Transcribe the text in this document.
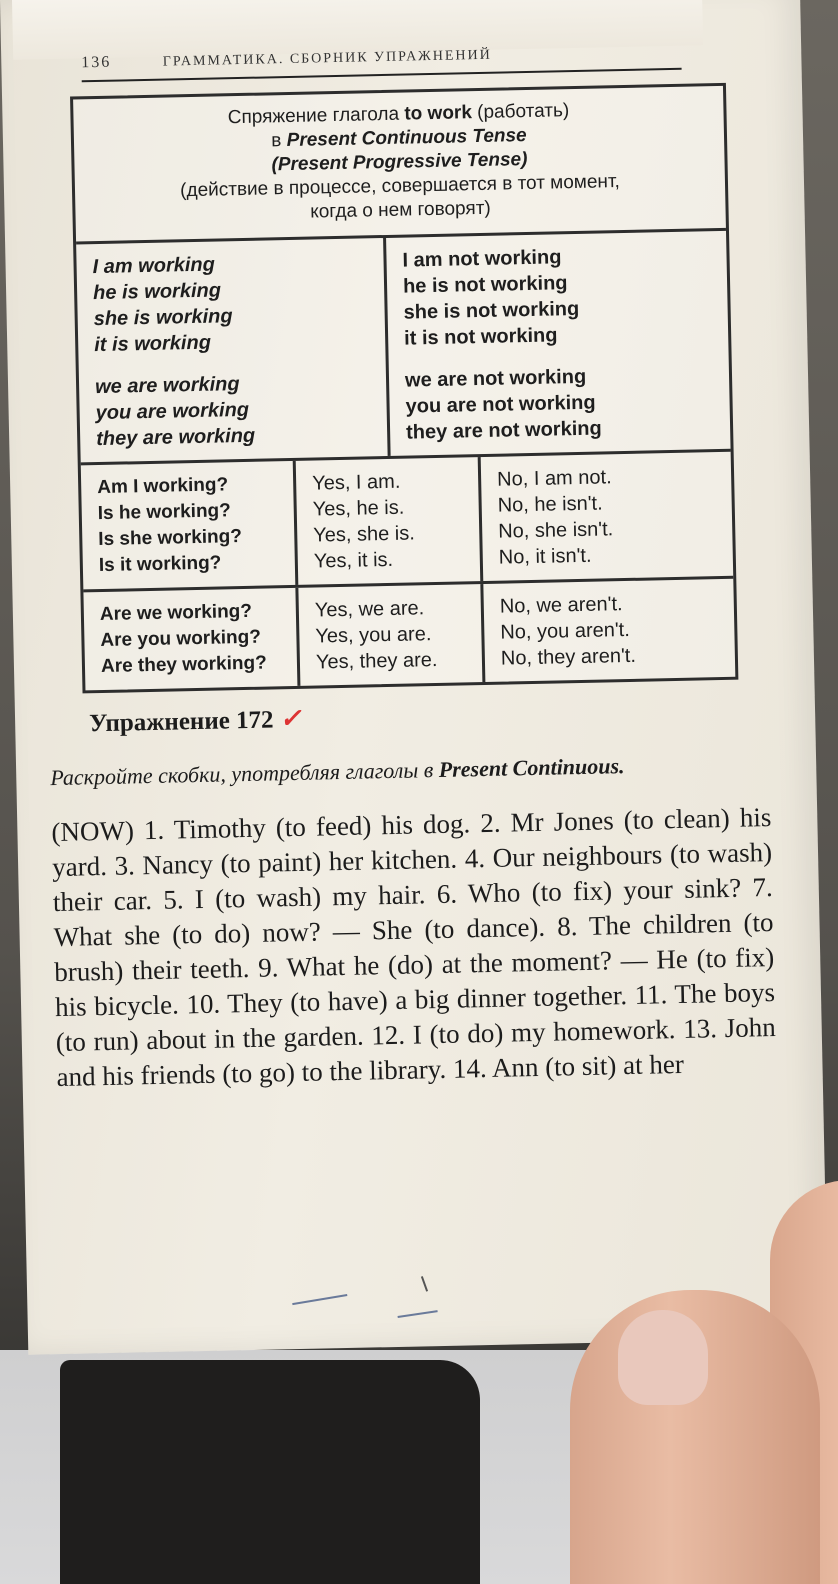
136	ГРАММАТИКА. СБОРНИК УПРАЖНЕНИЙ
Спряжение глагола to work (работать)
в Present Continuous Tense
(Present Progressive Tense)
(действие в процессе, совершается в тот момент,
когда о нем говорят)
I am working
he is working
she is working
it is working
we are working
you are working
they are working
I am not working
he is not working
she is not working
it is not working
we are not working
you are not working
they are not working
Am I working?
Is he working?
Is she working?
Is it working?
Yes, I am.
Yes, he is.
Yes, she is.
Yes, it is.
No, I am not.
No, he isn't.
No, she isn't.
No, it isn't.
Are we working?
Are you working?
Are they working?
Yes, we are.
Yes, you are.
Yes, they are.
No, we aren't.
No, you aren't.
No, they aren't.
Упражнение 172 ✓
Раскройте скобки, употребляя глаголы в Present Continuous.
(NOW) 1. Timothy (to feed) his dog. 2. Mr Jones (to clean) his yard. 3. Nancy (to paint) her kitchen. 4. Our neighbours (to wash) their car. 5. I (to wash) my hair. 6. Who (to fix) your sink? 7. What she (to do) now? — She (to dance). 8. The children (to brush) their teeth. 9. What he (do) at the moment? — He (to fix) his bicycle. 10. They (to have) a big dinner together. 11. The boys (to run) about in the garden. 12. I (to do) my homework. 13. John and his friends (to go) to the library. 14. Ann (to sit) at her
